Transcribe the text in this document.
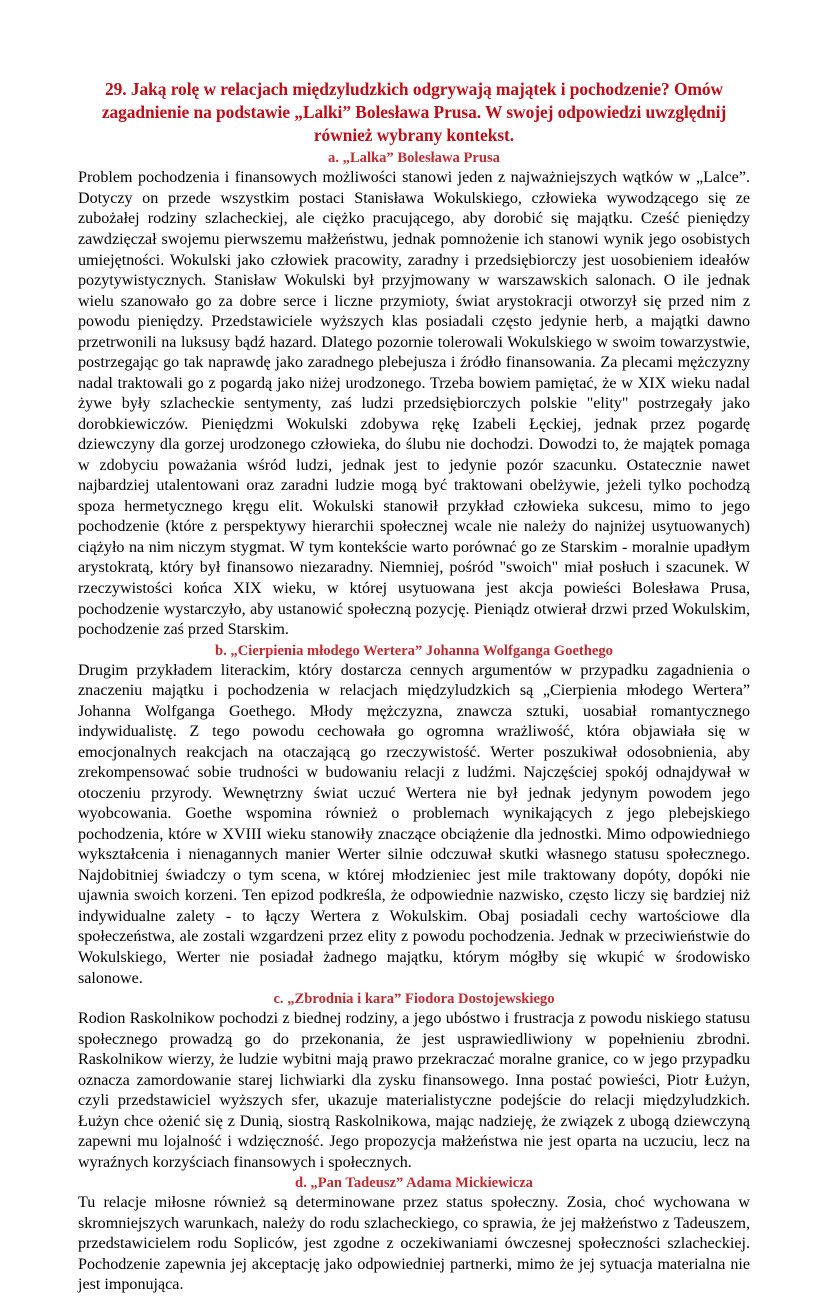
29. Jaką rolę w relacjach międzyludzkich odgrywają majątek i pochodzenie? Omów zagadnienie na podstawie „Lalki” Bolesława Prusa. W swojej odpowiedzi uwzględnij również wybrany kontekst.
a. „Lalka” Bolesława Prusa

Problem pochodzenia i finansowych możliwości stanowi jeden z najważniejszych wątków w „Lalce”. Dotyczy on przede wszystkim postaci Stanisława Wokulskiego, człowieka wywodzącego się ze zubożałej rodziny szlacheckiej, ale ciężko pracującego, aby dorobić się majątku. Cześć pieniędzy zawdzięczał swojemu pierwszemu małżeństwu, jednak pomnożenie ich stanowi wynik jego osobistych umiejętności. Wokulski jako człowiek pracowity, zaradny i przedsiębiorczy jest uosobieniem ideałów pozytywistycznych. Stanisław Wokulski był przyjmowany w warszawskich salonach. O ile jednak wielu szanowało go za dobre serce i liczne przymioty, świat arystokracji otworzył się przed nim z powodu pieniędzy. Przedstawiciele wyższych klas posiadali często jedynie herb, a majątki dawno przetrwonili na luksusy bądź hazard. Dlatego pozornie tolerowali Wokulskiego w swoim towarzystwie, postrzegając go tak naprawdę jako zaradnego plebejusza i źródło finansowania. Za plecami mężczyzny nadal traktowali go z pogardą jako niżej urodzonego. Trzeba bowiem pamiętać, że w XIX wieku nadal żywe były szlacheckie sentymenty, zaś ludzi przedsiębiorczych polskie "elity" postrzegały jako dorobkiewiczów. Pieniędzmi Wokulski zdobywa rękę Izabeli Łęckiej, jednak przez pogardę dziewczyny dla gorzej urodzonego człowieka, do ślubu nie dochodzi. Dowodzi to, że majątek pomaga w zdobyciu poważania wśród ludzi, jednak jest to jedynie pozór szacunku. Ostatecznie nawet najbardziej utalentowani oraz zaradni ludzie mogą być traktowani obelżywie, jeżeli tylko pochodzą spoza hermetycznego kręgu elit. Wokulski stanowił przykład człowieka sukcesu, mimo to jego pochodzenie (które z perspektywy hierarchii społecznej wcale nie należy do najniżej usytuowanych) ciążyło na nim niczym stygmat. W tym kontekście warto porównać go ze Starskim - moralnie upadłym arystokratą, który był finansowo niezaradny. Niemniej, pośród "swoich" miał posłuch i szacunek. W rzeczywistości końca XIX wieku, w której usytuowana jest akcja powieści Bolesława Prusa, pochodzenie wystarczyło, aby ustanowić społeczną pozycję. Pieniądz otwierał drzwi przed Wokulskim, pochodzenie zaś przed Starskim.

b. „Cierpienia młodego Wertera” Johanna Wolfganga Goethego

Drugim przykładem literackim, który dostarcza cennych argumentów w przypadku zagadnienia o znaczeniu majątku i pochodzenia w relacjach międzyludzkich są „Cierpienia młodego Wertera” Johanna Wolfganga Goethego. Młody mężczyzna, znawcza sztuki, uosabiał romantycznego indywidualistę. Z tego powodu cechowała go ogromna wrażliwość, która objawiała się w emocjonalnych reakcjach na otaczającą go rzeczywistość. Werter poszukiwał odosobnienia, aby zrekompensować sobie trudności w budowaniu relacji z ludźmi. Najczęściej spokój odnajdywał w otoczeniu przyrody. Wewnętrzny świat uczuć Wertera nie był jednak jedynym powodem jego wyobcowania. Goethe wspomina również o problemach wynikających z jego plebejskiego pochodzenia, które w XVIII wieku stanowiły znaczące obciążenie dla jednostki. Mimo odpowiedniego wykształcenia i nienagannych manier Werter silnie odczuwał skutki własnego statusu społecznego. Najdobitniej świadczy o tym scena, w której młodzieniec jest mile traktowany dopóty, dopóki nie ujawnia swoich korzeni. Ten epizod podkreśla, że odpowiednie nazwisko, często liczy się bardziej niż indywidualne zalety - to łączy Wertera z Wokulskim. Obaj posiadali cechy wartościowe dla społeczeństwa, ale zostali wzgardzeni przez elity z powodu pochodzenia. Jednak w przeciwieństwie do Wokulskiego, Werter nie posiadał żadnego majątku, którym mógłby się wkupić w środowisko salonowe.

c. „Zbrodnia i kara” Fiodora Dostojewskiego

Rodion Raskolnikow pochodzi z biednej rodziny, a jego ubóstwo i frustracja z powodu niskiego statusu społecznego prowadzą go do przekonania, że jest usprawiedliwiony w popełnieniu zbrodni. Raskolnikow wierzy, że ludzie wybitni mają prawo przekraczać moralne granice, co w jego przypadku oznacza zamordowanie starej lichwiarki dla zysku finansowego. Inna postać powieści, Piotr Łużyn, czyli przedstawiciel wyższych sfer, ukazuje materialistyczne podejście do relacji międzyludzkich. Łużyn chce ożenić się z Dunią, siostrą Raskolnikowa, mając nadzieję, że związek z ubogą dziewczyną zapewni mu lojalność i wdzięczność. Jego propozycja małżeństwa nie jest oparta na uczuciu, lecz na wyraźnych korzyściach finansowych i społecznych.

d. „Pan Tadeusz” Adama Mickiewicza

Tu relacje miłosne również są determinowane przez status społeczny. Zosia, choć wychowana w skromniejszych warunkach, należy do rodu szlacheckiego, co sprawia, że jej małżeństwo z Tadeuszem, przedstawicielem rodu Sopliców, jest zgodne z oczekiwaniami ówczesnej społeczności szlacheckiej. Pochodzenie zapewnia jej akceptację jako odpowiedniej partnerki, mimo że jej sytuacja materialna nie jest imponująca.
